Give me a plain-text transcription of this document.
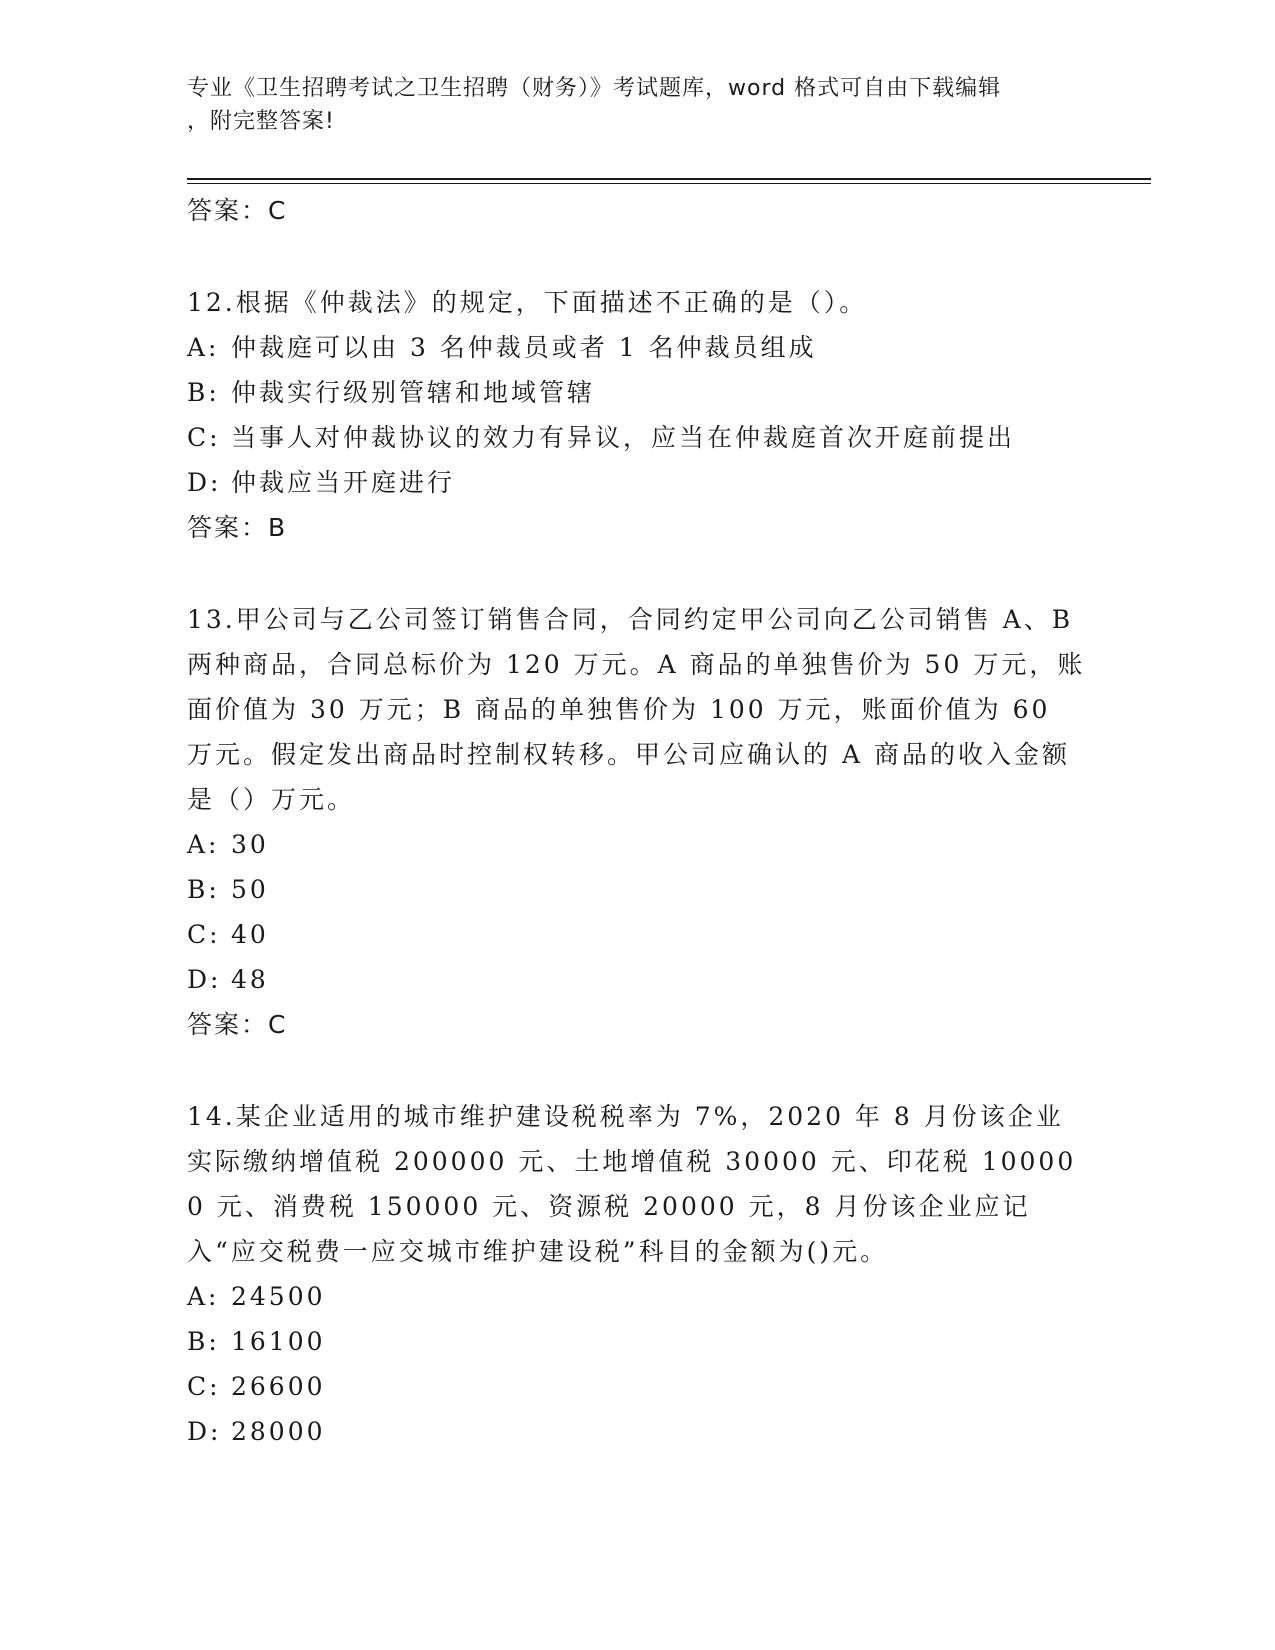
专业《卫生招聘考试之卫生招聘（财务）》考试题库，word 格式可自由下载编辑
，附完整答案!
答案：C
12.根据《仲裁法》的规定，下面描述不正确的是（）。
A: 仲裁庭可以由 3 名仲裁员或者 1 名仲裁员组成
B: 仲裁实行级别管辖和地域管辖
C: 当事人对仲裁协议的效力有异议，应当在仲裁庭首次开庭前提出
D: 仲裁应当开庭进行
答案：B
13.甲公司与乙公司签订销售合同，合同约定甲公司向乙公司销售 A、B 两种商品，合同总标价为 120 万元。A 商品的单独售价为 50 万元，账面价值为 30 万元；B 商品的单独售价为 100 万元，账面价值为 60 万元。假定发出商品时控制权转移。甲公司应确认的 A 商品的收入金额是（）万元。
A: 30
B: 50
C: 40
D: 48
答案：C
14.某企业适用的城市维护建设税税率为 7%，2020 年 8 月份该企业实际缴纳增值税 200000 元、土地增值税 30000 元、印花税 100000 元、消费税 150000 元、资源税 20000 元，8 月份该企业应记入“应交税费一应交城市维护建设税”科目的金额为()元。
A: 24500
B: 16100
C: 26600
D: 28000
